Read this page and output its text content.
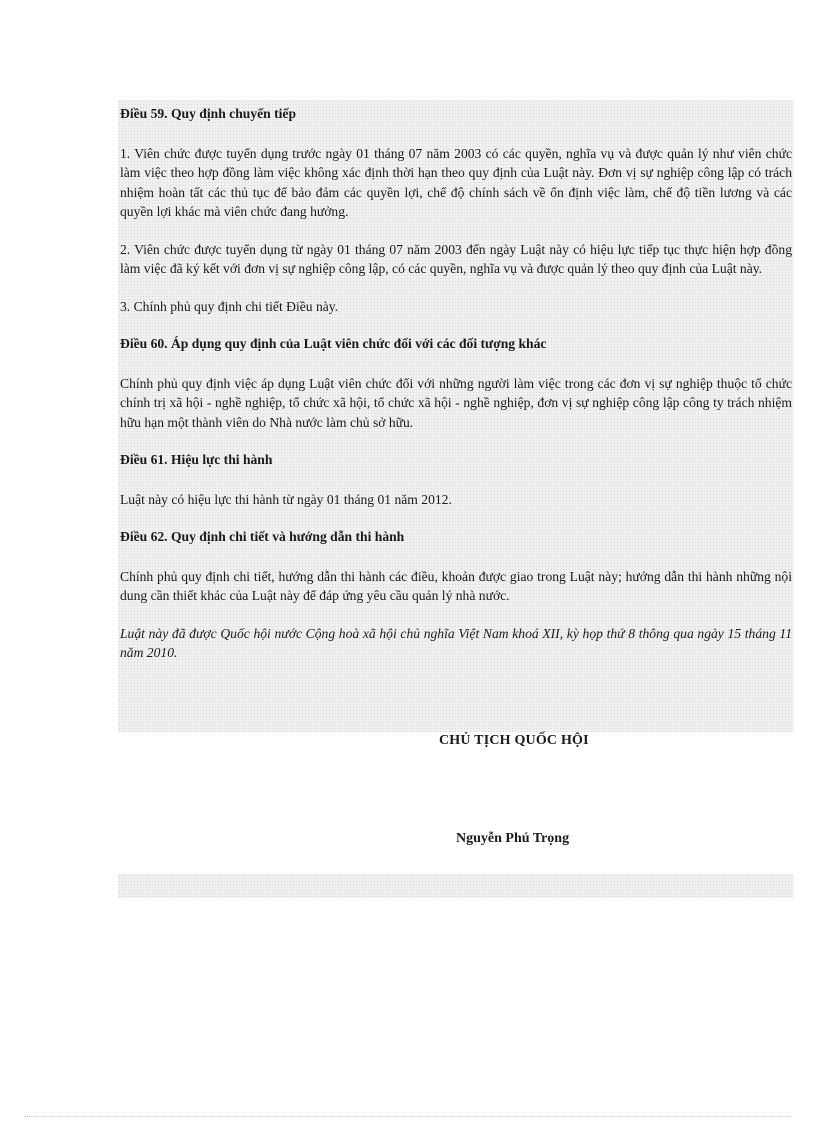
Điều 59. Quy định chuyển tiếp

1. Viên chức được tuyển dụng trước ngày 01 tháng 07 năm 2003 có các quyền, nghĩa vụ và được quản lý như viên chức làm việc theo hợp đồng làm việc không xác định thời hạn theo quy định của Luật này. Đơn vị sự nghiệp công lập có trách nhiệm hoàn tất các thủ tục để bảo đảm các quyền lợi, chế độ chính sách về ổn định việc làm, chế độ tiền lương và các quyền lợi khác mà viên chức đang hưởng.

2. Viên chức được tuyển dụng từ ngày 01 tháng 07 năm 2003 đến ngày Luật này có hiệu lực tiếp tục thực hiện hợp đồng làm việc đã ký kết với đơn vị sự nghiệp công lập, có các quyền, nghĩa vụ và được quản lý theo quy định của Luật này.

3. Chính phủ quy định chi tiết Điều này.

Điều 60. Áp dụng quy định của Luật viên chức đối với các đối tượng khác

Chính phủ quy định việc áp dụng Luật viên chức đối với những người làm việc trong các đơn vị sự nghiệp thuộc tổ chức chính trị xã hội - nghề nghiệp, tổ chức xã hội, tổ chức xã hội - nghề nghiệp, đơn vị sự nghiệp công lập công ty trách nhiệm hữu hạn một thành viên do Nhà nước làm chủ sở hữu.

Điều 61. Hiệu lực thi hành

Luật này có hiệu lực thi hành từ ngày 01 tháng 01 năm 2012.

Điều 62. Quy định chi tiết và hướng dẫn thi hành

Chính phủ quy định chi tiết, hướng dẫn thi hành các điều, khoản được giao trong Luật này; hướng dẫn thi hành những nội dung cần thiết khác của Luật này để đáp ứng yêu cầu quản lý nhà nước.

Luật này đã được Quốc hội nước Cộng hoà xã hội chủ nghĩa Việt Nam khoá XII, kỳ họp thứ 8 thông qua ngày 15 tháng 11 năm 2010.

CHỦ TỊCH QUỐC HỘI

Nguyễn Phú Trọng
